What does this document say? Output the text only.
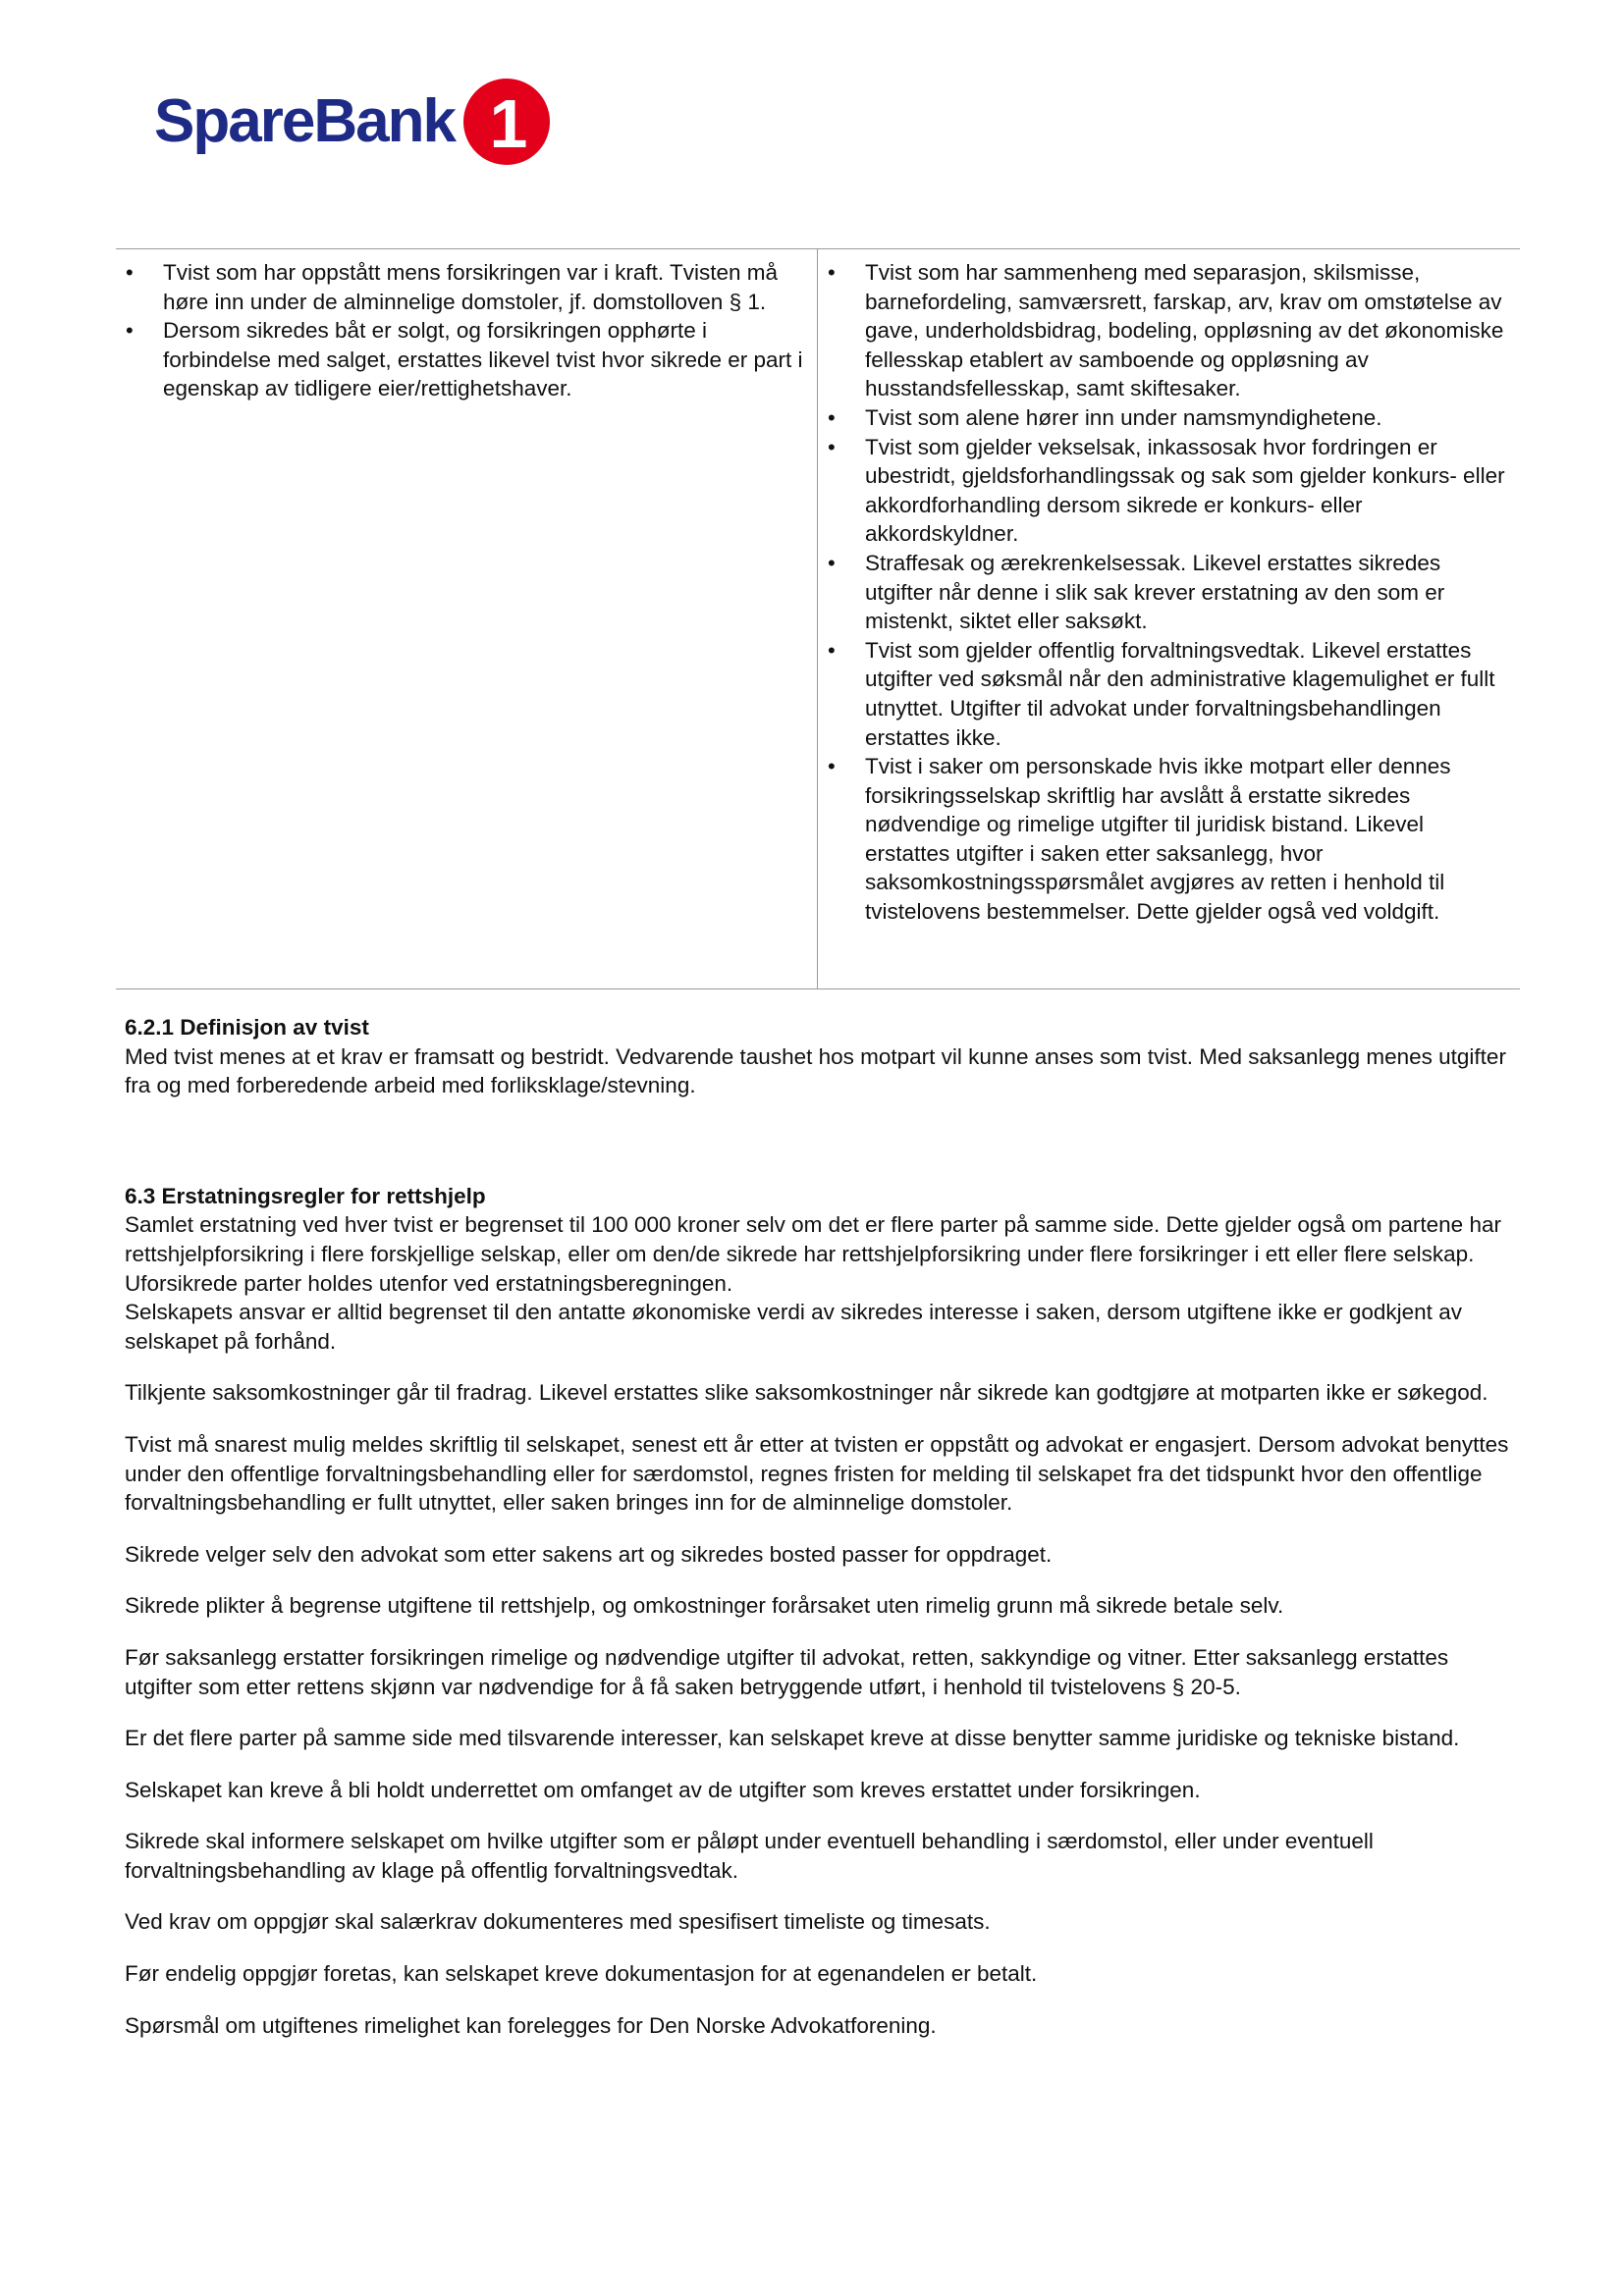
SpareBank 1
• Tvist som har oppstått mens forsikringen var i kraft. Tvisten må høre inn under de alminnelige domstoler, jf. domstolloven § 1.
• Dersom sikredes båt er solgt, og forsikringen opphørte i forbindelse med salget, erstattes likevel tvist hvor sikrede er part i egenskap av tidligere eier/rettighetshaver.
• Tvist som har sammenheng med separasjon, skilsmisse, barnefordeling, samværsrett, farskap, arv, krav om omstøtelse av gave, underholdsbidrag, bodeling, oppløsning av det økonomiske fellesskap etablert av samboende og oppløsning av husstandsfellesskap, samt skiftesaker.
• Tvist som alene hører inn under namsmyndighetene.
• Tvist som gjelder vekselsak, inkassosak hvor fordringen er ubestridt, gjeldsforhandlingssak og sak som gjelder konkurs- eller akkordforhandling dersom sikrede er konkurs- eller akkordskyldner.
• Straffesak og ærekrenkelsessak. Likevel erstattes sikredes utgifter når denne i slik sak krever erstatning av den som er mistenkt, siktet eller saksøkt.
• Tvist som gjelder offentlig forvaltningsvedtak. Likevel erstattes utgifter ved søksmål når den administrative klagemulighet er fullt utnyttet. Utgifter til advokat under forvaltningsbehandlingen erstattes ikke.
• Tvist i saker om personskade hvis ikke motpart eller dennes forsikringsselskap skriftlig har avslått å erstatte sikredes nødvendige og rimelige utgifter til juridisk bistand. Likevel erstattes utgifter i saken etter saksanlegg, hvor saksomkostningsspørsmålet avgjøres av retten i henhold til tvistelovens bestemmelser. Dette gjelder også ved voldgift.

6.2.1 Definisjon av tvist

Med tvist menes at et krav er framsatt og bestridt. Vedvarende taushet hos motpart vil kunne anses som tvist. Med saksanlegg menes utgifter fra og med forberedende arbeid med forliksklage/stevning.

6.3 Erstatningsregler for rettshjelp

Samlet erstatning ved hver tvist er begrenset til 100 000 kroner selv om det er flere parter på samme side. Dette gjelder også om partene har rettshjelpforsikring i flere forskjellige selskap, eller om den/de sikrede har rettshjelpforsikring under flere forsikringer i ett eller flere selskap. Uforsikrede parter holdes utenfor ved erstatningsberegningen.

Selskapets ansvar er alltid begrenset til den antatte økonomiske verdi av sikredes interesse i saken, dersom utgiftene ikke er godkjent av selskapet på forhånd.

Tilkjente saksomkostninger går til fradrag. Likevel erstattes slike saksomkostninger når sikrede kan godtgjøre at motparten ikke er søkegod.

Tvist må snarest mulig meldes skriftlig til selskapet, senest ett år etter at tvisten er oppstått og advokat er engasjert. Dersom advokat benyttes under den offentlige forvaltningsbehandling eller for særdomstol, regnes fristen for melding til selskapet fra det tidspunkt hvor den offentlige forvaltningsbehandling er fullt utnyttet, eller saken bringes inn for de alminnelige domstoler.

Sikrede velger selv den advokat som etter sakens art og sikredes bosted passer for oppdraget.

Sikrede plikter å begrense utgiftene til rettshjelp, og omkostninger forårsaket uten rimelig grunn må sikrede betale selv.

Før saksanlegg erstatter forsikringen rimelige og nødvendige utgifter til advokat, retten, sakkyndige og vitner. Etter saksanlegg erstattes utgifter som etter rettens skjønn var nødvendige for å få saken betryggende utført, i henhold til tvistelovens § 20-5.

Er det flere parter på samme side med tilsvarende interesser, kan selskapet kreve at disse benytter samme juridiske og tekniske bistand.

Selskapet kan kreve å bli holdt underrettet om omfanget av de utgifter som kreves erstattet under forsikringen.

Sikrede skal informere selskapet om hvilke utgifter som er påløpt under eventuell behandling i særdomstol, eller under eventuell forvaltningsbehandling av klage på offentlig forvaltningsvedtak.

Ved krav om oppgjør skal salærkrav dokumenteres med spesifisert timeliste og timesats.

Før endelig oppgjør foretas, kan selskapet kreve dokumentasjon for at egenandelen er betalt.

Spørsmål om utgiftenes rimelighet kan forelegges for Den Norske Advokatforening.
